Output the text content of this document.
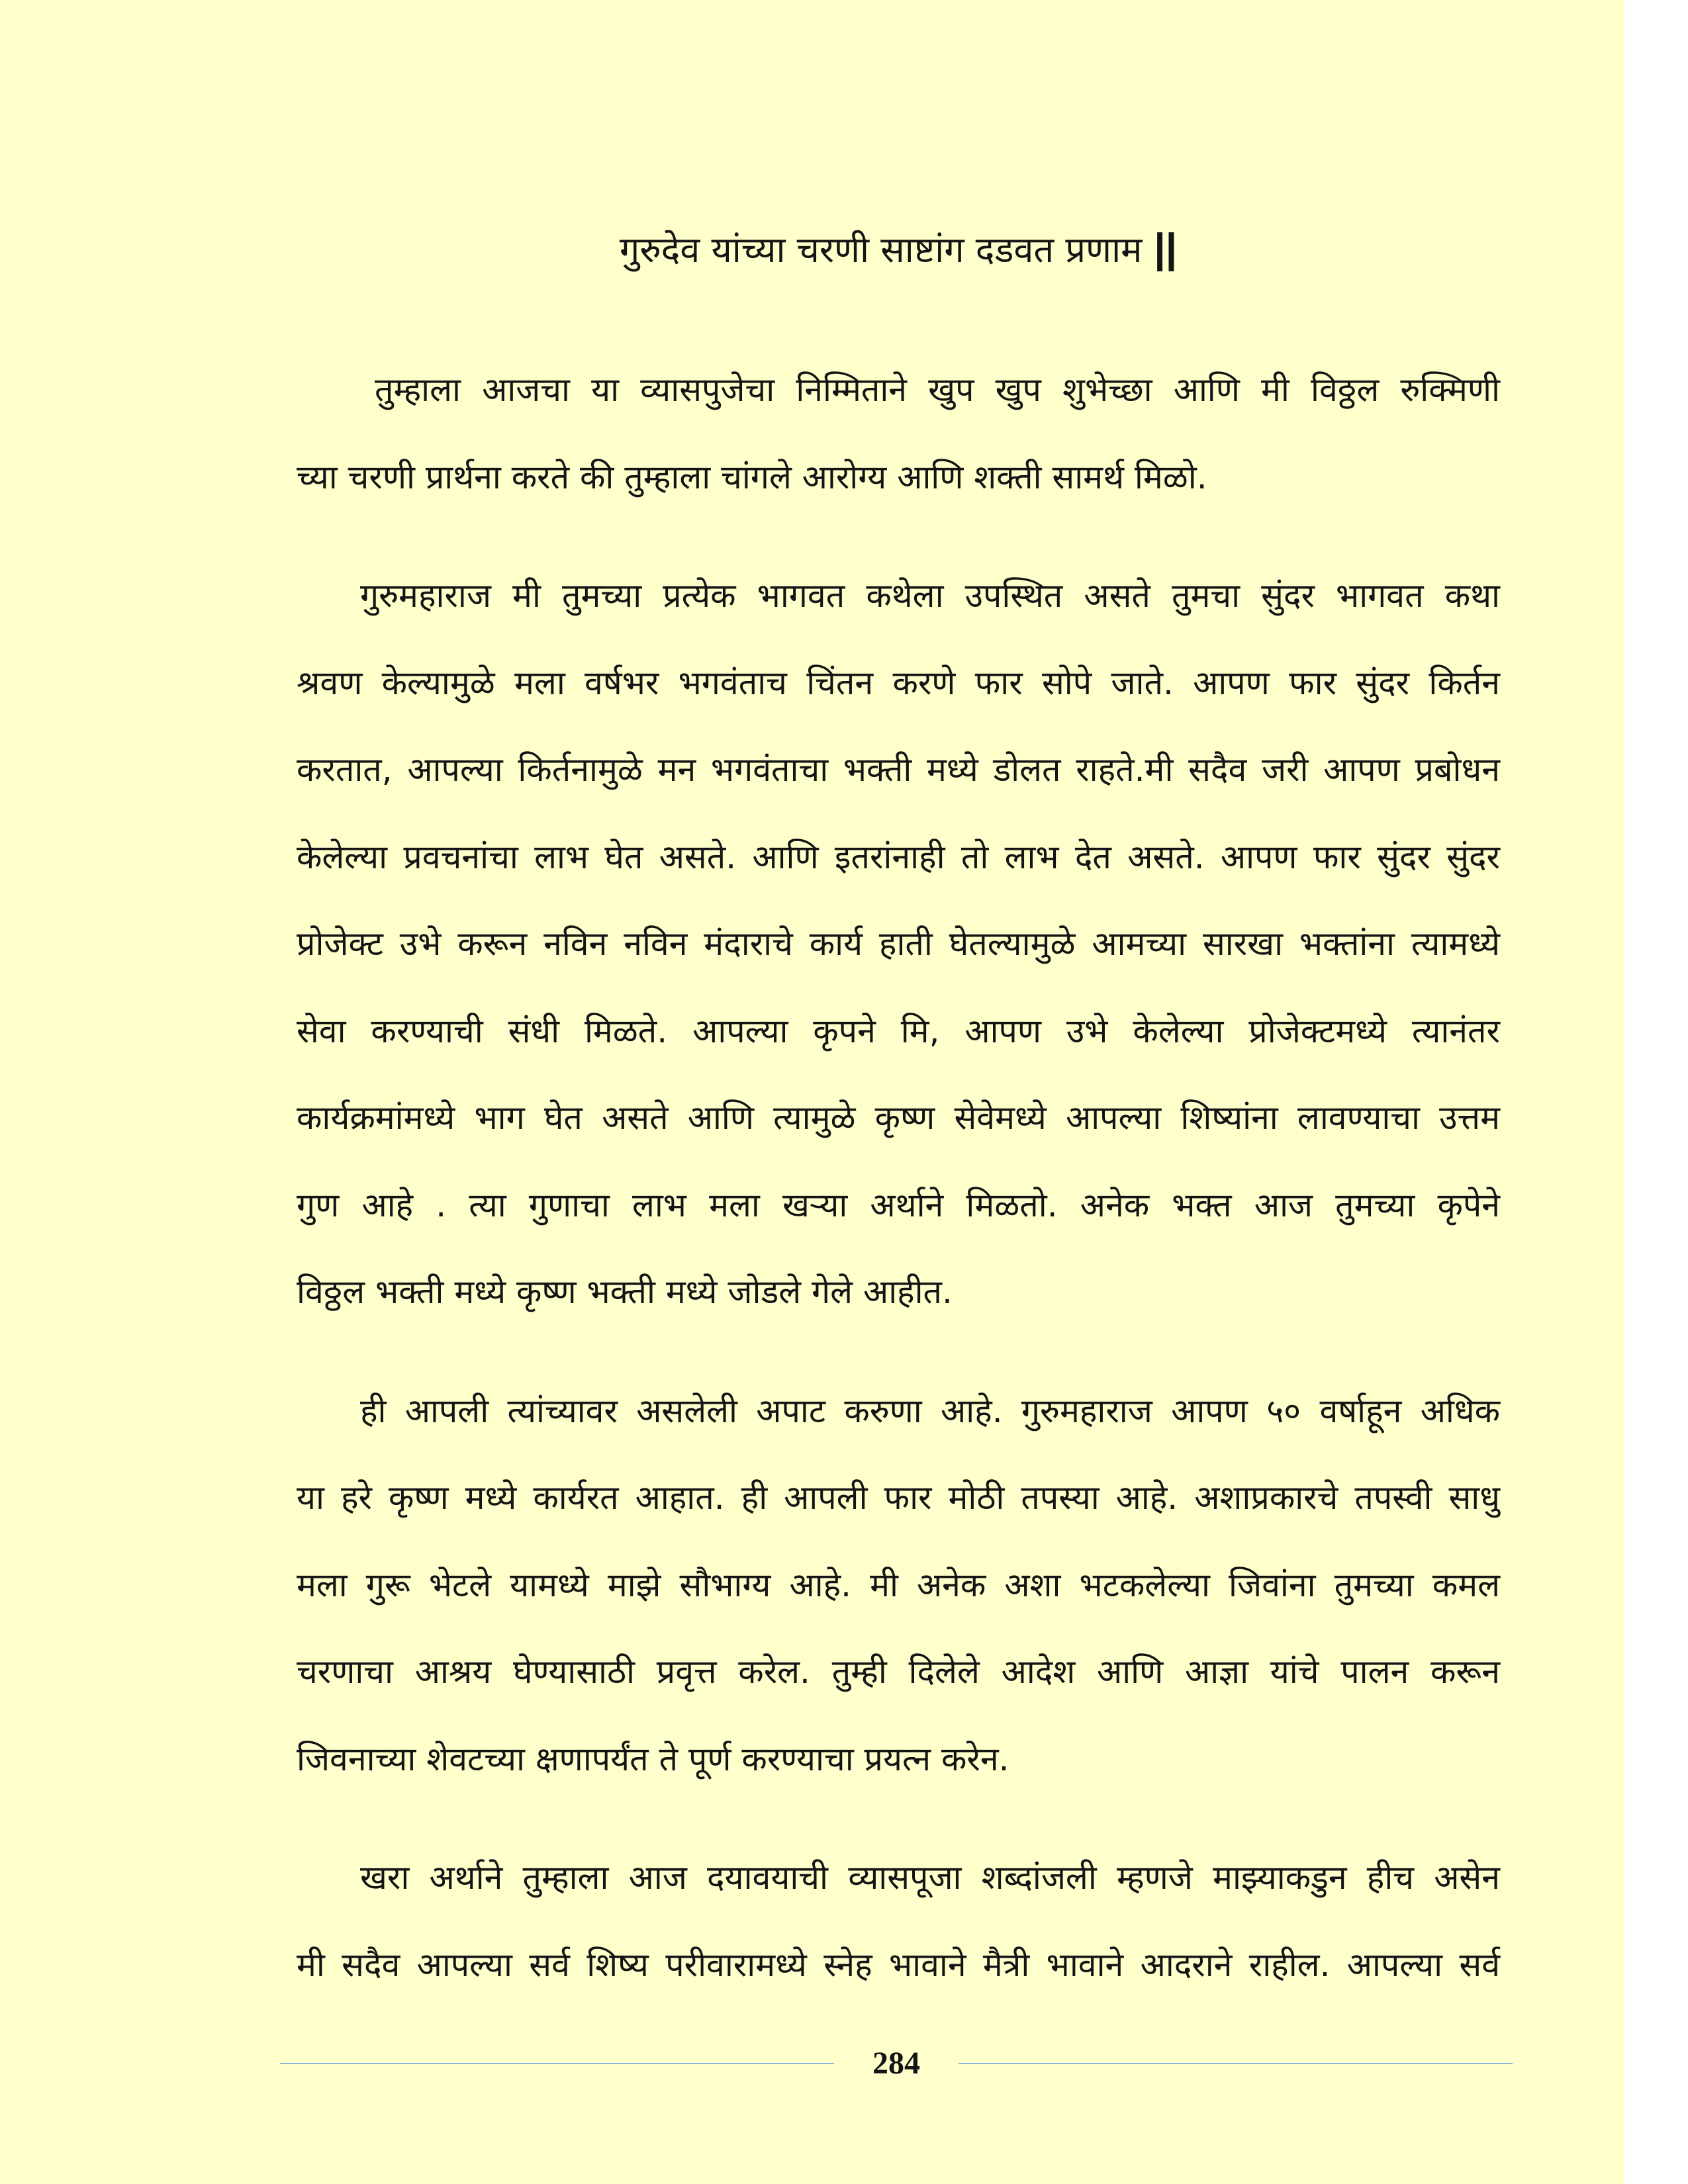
गुरुदेव यांच्या चरणी साष्टांग दडवत प्रणाम ||
तुम्हाला आजचा या व्यासपुजेचा निम्मिताने खुप खुप शुभेच्छा आणि मी विठ्ठल रुक्मिणी
च्या चरणी प्रार्थना करते की तुम्हाला चांगले आरोग्य आणि शक्ती सामर्थ मिळो.
गुरुमहाराज मी तुमच्या प्रत्येक भागवत कथेला उपस्थित असते तुमचा सुंदर भागवत कथा
श्रवण केल्यामुळे मला वर्षभर भगवंताच चिंतन करणे फार सोपे जाते. आपण फार सुंदर किर्तन
करतात, आपल्या किर्तनामुळे मन भगवंताचा भक्ती मध्ये डोलत राहते.मी सदैव जरी आपण प्रबोधन
केलेल्या प्रवचनांचा लाभ घेत असते. आणि इतरांनाही तो लाभ देत असते. आपण फार सुंदर सुंदर
प्रोजेक्ट उभे करून नविन नविन मंदाराचे कार्य हाती घेतल्यामुळे आमच्या सारखा भक्तांना त्यामध्ये
सेवा करण्याची संधी मिळते. आपल्या कृपने मि, आपण उभे केलेल्या प्रोजेक्टमध्ये त्यानंतर
कार्यक्रमांमध्ये भाग घेत असते आणि त्यामुळे कृष्ण सेवेमध्ये आपल्या शिष्यांना लावण्याचा उत्तम
गुण आहे . त्या गुणाचा लाभ मला खऱ्या अर्थाने मिळतो. अनेक भक्त आज तुमच्या कृपेने
विठ्ठल भक्ती मध्ये कृष्ण भक्ती मध्ये जोडले गेले आहीत.
ही आपली त्यांच्यावर असलेली अपाट करुणा आहे. गुरुमहाराज आपण ५० वर्षाहून अधिक
या हरे कृष्ण मध्ये कार्यरत आहात. ही आपली फार मोठी तपस्या आहे. अशाप्रकारचे तपस्वी साधु
मला गुरू भेटले यामध्ये माझे सौभाग्य आहे. मी अनेक अशा भटकलेल्या जिवांना तुमच्या कमल
चरणाचा आश्रय घेण्यासाठी प्रवृत्त करेल. तुम्ही दिलेले आदेश आणि आज्ञा यांचे पालन करून
जिवनाच्या शेवटच्या क्षणापर्यंत ते पूर्ण करण्याचा प्रयत्न करेन.
खरा अर्थाने तुम्हाला आज दयावयाची व्यासपूजा शब्दांजली म्हणजे माझ्याकडुन हीच असेन
मी सदैव आपल्या सर्व शिष्य परीवारामध्ये स्नेह भावाने मैत्री भावाने आदराने राहील. आपल्या सर्व
284
